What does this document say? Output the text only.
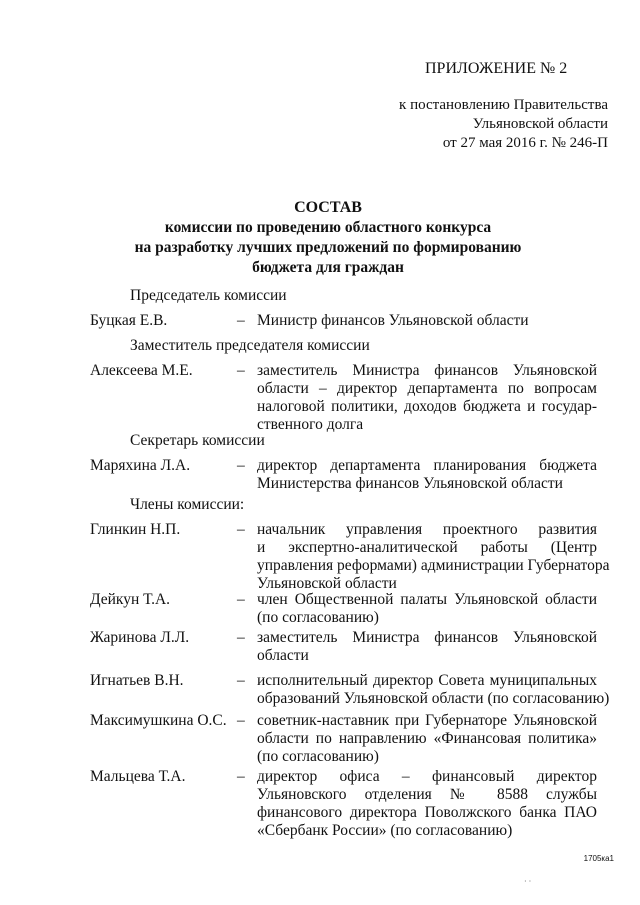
ПРИЛОЖЕНИЕ № 2
к постановлению Правительства
Ульяновской области
от 27 мая 2016 г. № 246-П
СОСТАВ
комиссии по проведению областного конкурса
на разработку лучших предложений по формированию
бюджета для граждан
Председатель комиссии
Буцкая Е.В.	– Министр финансов Ульяновской области
Заместитель председателя комиссии
Алексеева М.Е.	– заместитель Министра финансов Ульяновской
области – директор департамента по вопросам
налоговой политики, доходов бюджета и государ-
ственного долга
Секретарь комиссии
Маряхина Л.А.	– директор департамента планирования бюджета
Министерства финансов Ульяновской области
Члены комиссии:
Глинкин Н.П.	– начальник управления проектного развития
и экспертно-аналитической работы (Центр
управления реформами) администрации Губернатора
Ульяновской области
Дейкун Т.А.	– член Общественной палаты Ульяновской области
(по согласованию)
Жаринова Л.Л.	– заместитель Министра финансов Ульяновской
области
Игнатьев В.Н.	– исполнительный директор Совета муниципальных
образований Ульяновской области (по согласованию)
Максимушкина О.С. – советник-наставник при Губернаторе Ульяновской
области по направлению «Финансовая политика»
(по согласованию)
Мальцева Т.А.	– директор офиса – финансовый директор
Ульяновского отделения № 8588 службы
финансового директора Поволжского банка ПАО
«Сбербанк России» (по согласованию)
1705ка1
· ·
